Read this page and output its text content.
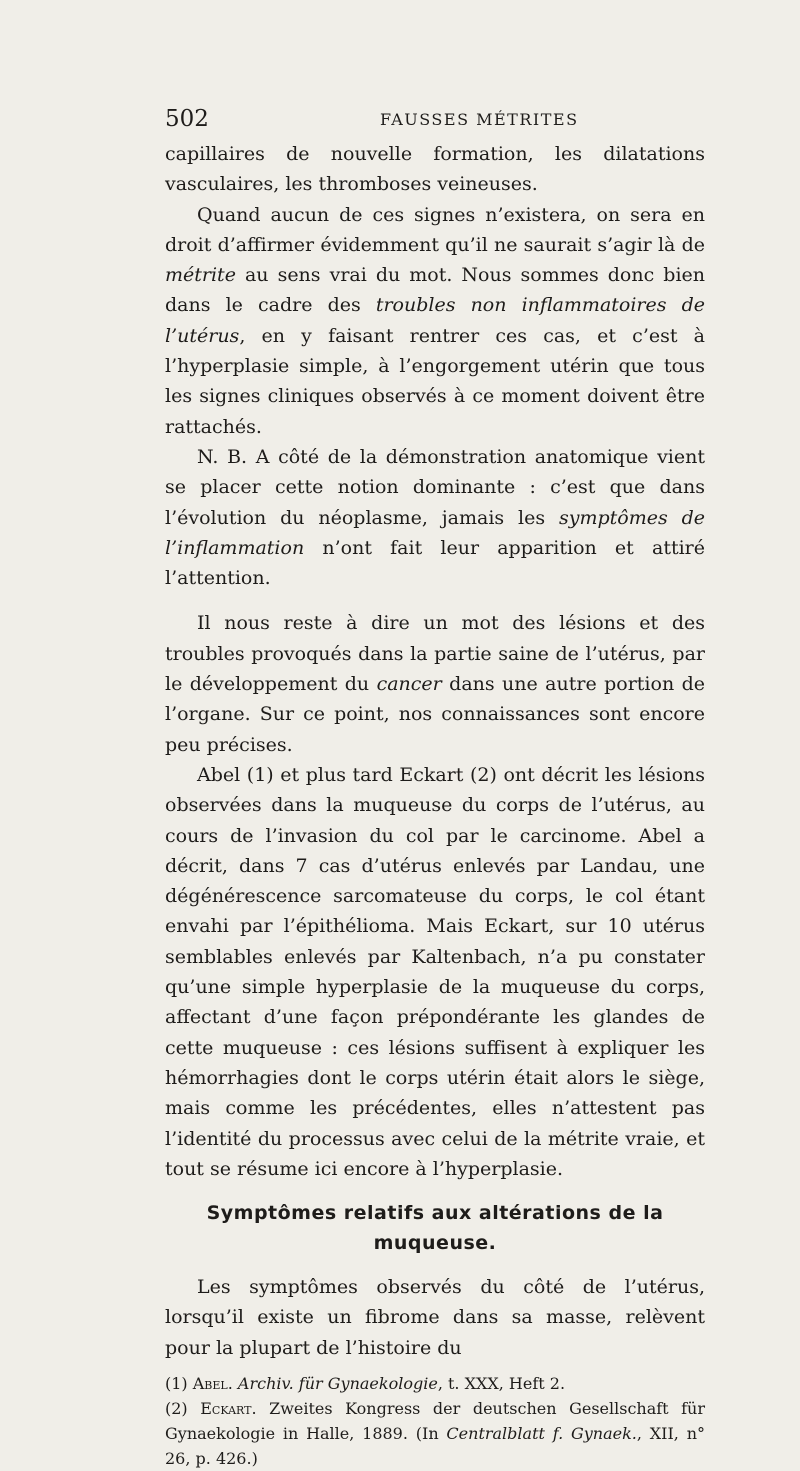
502	FAUSSES MÉTRITES

capillaires de nouvelle formation, les dilatations vasculaires, les thromboses veineuses.

Quand aucun de ces signes n’existera, on sera en droit d’affirmer évidemment qu’il ne saurait s’agir là de métrite au sens vrai du mot. Nous sommes donc bien dans le cadre des troubles non inflammatoires de l’utérus, en y faisant rentrer ces cas, et c’est à l’hyperplasie simple, à l’engorgement utérin que tous les signes cliniques observés à ce moment doivent être rattachés.

N. B. A côté de la démonstration anatomique vient se placer cette notion dominante : c’est que dans l’évolution du néoplasme, jamais les symptômes de l’inflammation n’ont fait leur apparition et attiré l’attention.

Il nous reste à dire un mot des lésions et des troubles provoqués dans la partie saine de l’utérus, par le développement du cancer dans une autre portion de l’organe. Sur ce point, nos connaissances sont encore peu précises.

Abel (1) et plus tard Eckart (2) ont décrit les lésions observées dans la muqueuse du corps de l’utérus, au cours de l’invasion du col par le carcinome. Abel a décrit, dans 7 cas d’utérus enlevés par Landau, une dégénérescence sarcomateuse du corps, le col étant envahi par l’épithélioma. Mais Eckart, sur 10 utérus semblables enlevés par Kaltenbach, n’a pu constater qu’une simple hyperplasie de la muqueuse du corps, affectant d’une façon prépondérante les glandes de cette muqueuse : ces lésions suffisent à expliquer les hémorrhagies dont le corps utérin était alors le siège, mais comme les précédentes, elles n’attestent pas l’identité du processus avec celui de la métrite vraie, et tout se résume ici encore à l’hyperplasie.

Symptômes relatifs aux altérations de la muqueuse.

Les symptômes observés du côté de l’utérus, lorsqu’il existe un fibrome dans sa masse, relèvent pour la plupart de l’histoire du

(1) Abel. Archiv. für Gynaekologie, t. XXX, Heft 2.

(2) Eckart. Zweites Kongress der deutschen Gesellschaft für Gynaekologie in Halle, 1889. (In Centralblatt f. Gynaek., XII, n° 26, p. 426.)
